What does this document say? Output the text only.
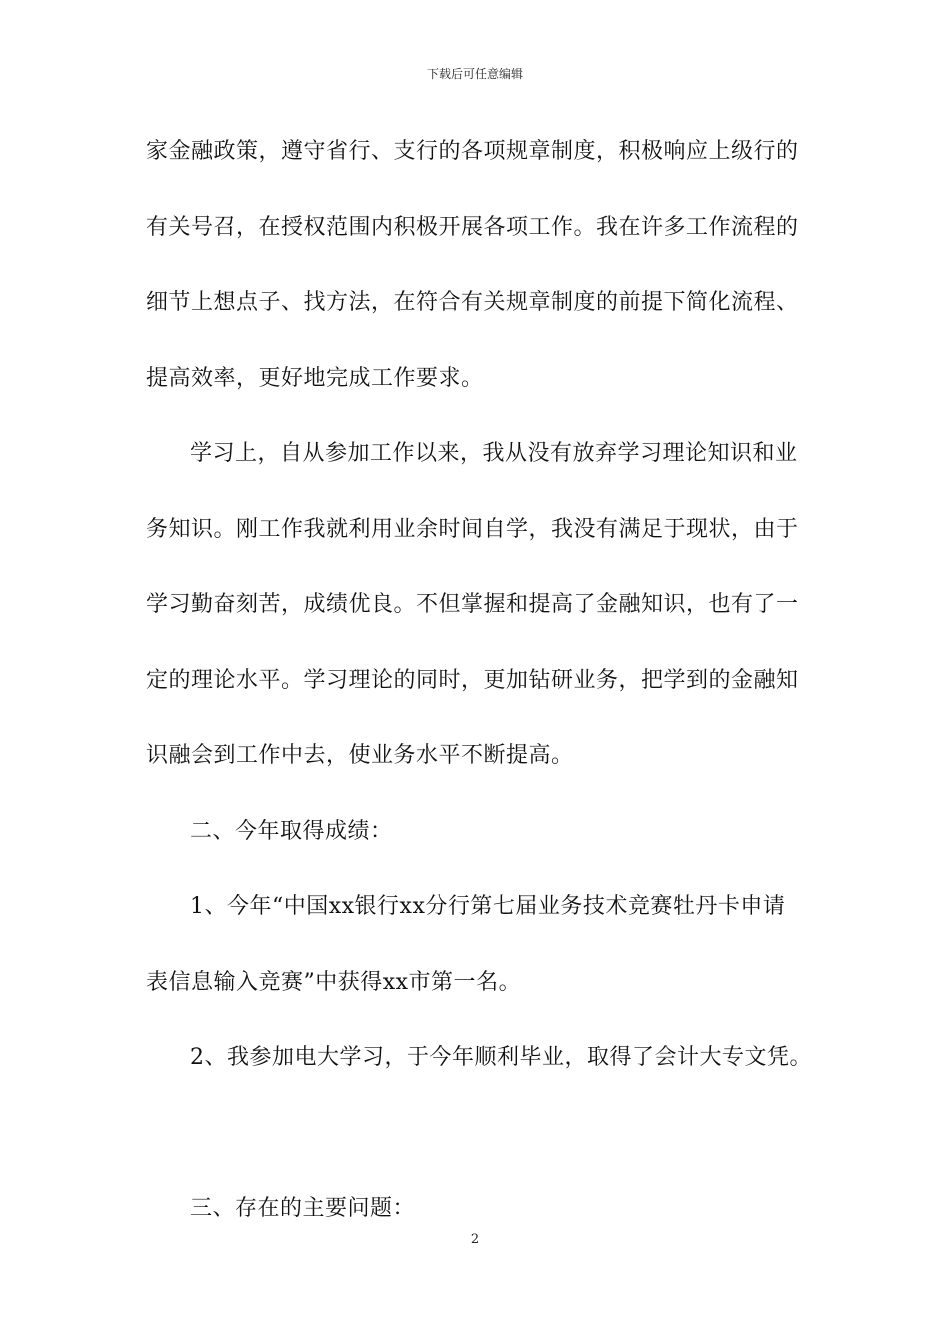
下载后可任意编辑
家金融政策，遵守省行、支行的各项规章制度，积极响应上级行的
有关号召，在授权范围内积极开展各项工作。我在许多工作流程的
细节上想点子、找方法，在符合有关规章制度的前提下简化流程、
提高效率，更好地完成工作要求。
学习上，自从参加工作以来，我从没有放弃学习理论知识和业
务知识。刚工作我就利用业余时间自学，我没有满足于现状，由于
学习勤奋刻苦，成绩优良。不但掌握和提高了金融知识，也有了一
定的理论水平。学习理论的同时，更加钻研业务，把学到的金融知
识融会到工作中去，使业务水平不断提高。
二、今年取得成绩：
1、今年“中国xx银行xx分行第七届业务技术竞赛牡丹卡申请
表信息输入竞赛”中获得xx市第一名。
2、我参加电大学习，于今年顺利毕业，取得了会计大专文凭。
三、存在的主要问题：
2
